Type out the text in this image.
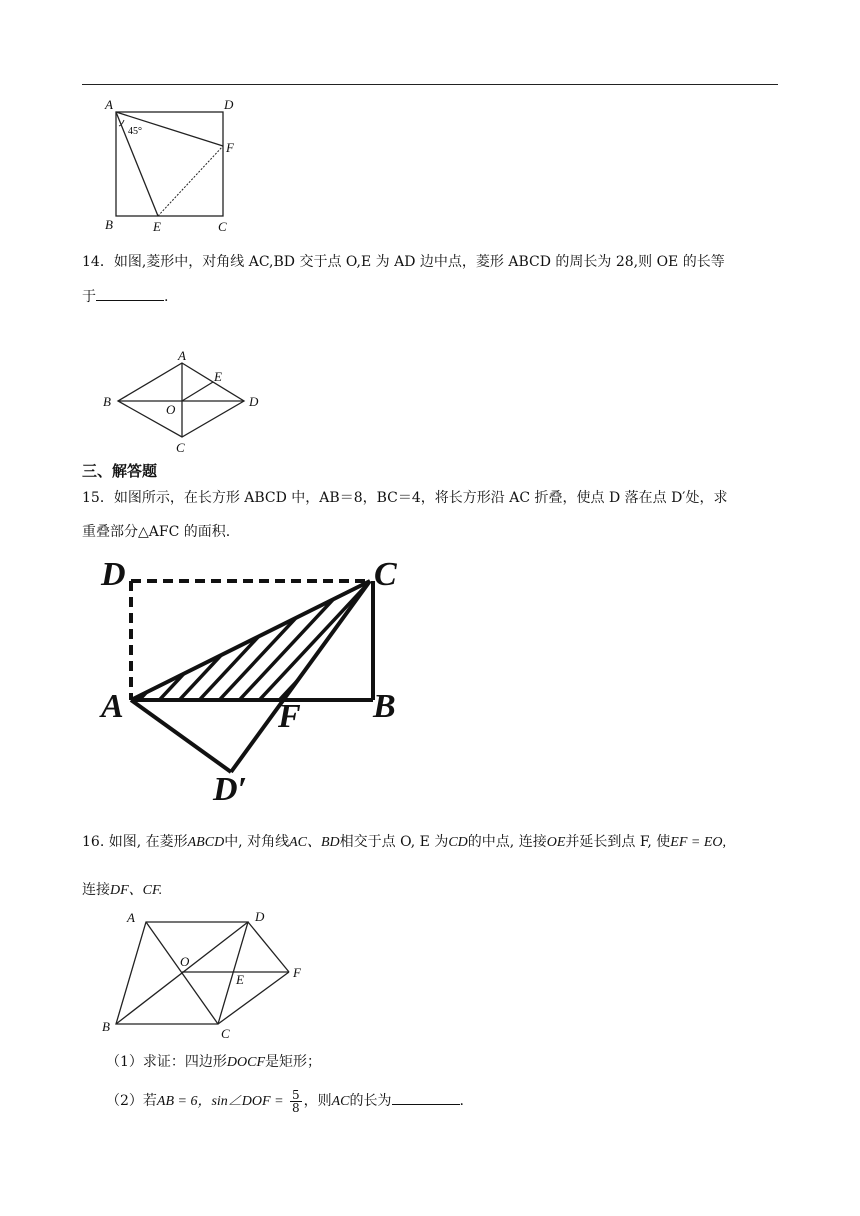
A	D
F
B	E	C
45°
14．如图,菱形中，对角线 AC,BD 交于点 O,E 为 AD 边中点，菱形 ABCD 的周长为 28,则 OE 的长等
于	.
A
B
C
D
E
O
三、解答题
15．如图所示，在长方形 ABCD 中，AB＝8，BC＝4，将长方形沿 AC 折叠，使点 D 落在点 D′处，求
重叠部分△AFC 的面积.
D	C
A	F B
D′
16. 如图, 在菱形ABCD中, 对角线AC、BD相交于点 O, E 为CD的中点, 连接OE并延长到点 F, 使EF = EO,
连接DF、CF.
A	D
O
F
E
B	C
（1）求证：四边形DOCF是矩形；
（2）若AB = 6，sin∠DOF = $\frac{5}{8}$ ，则AC的长为	.
